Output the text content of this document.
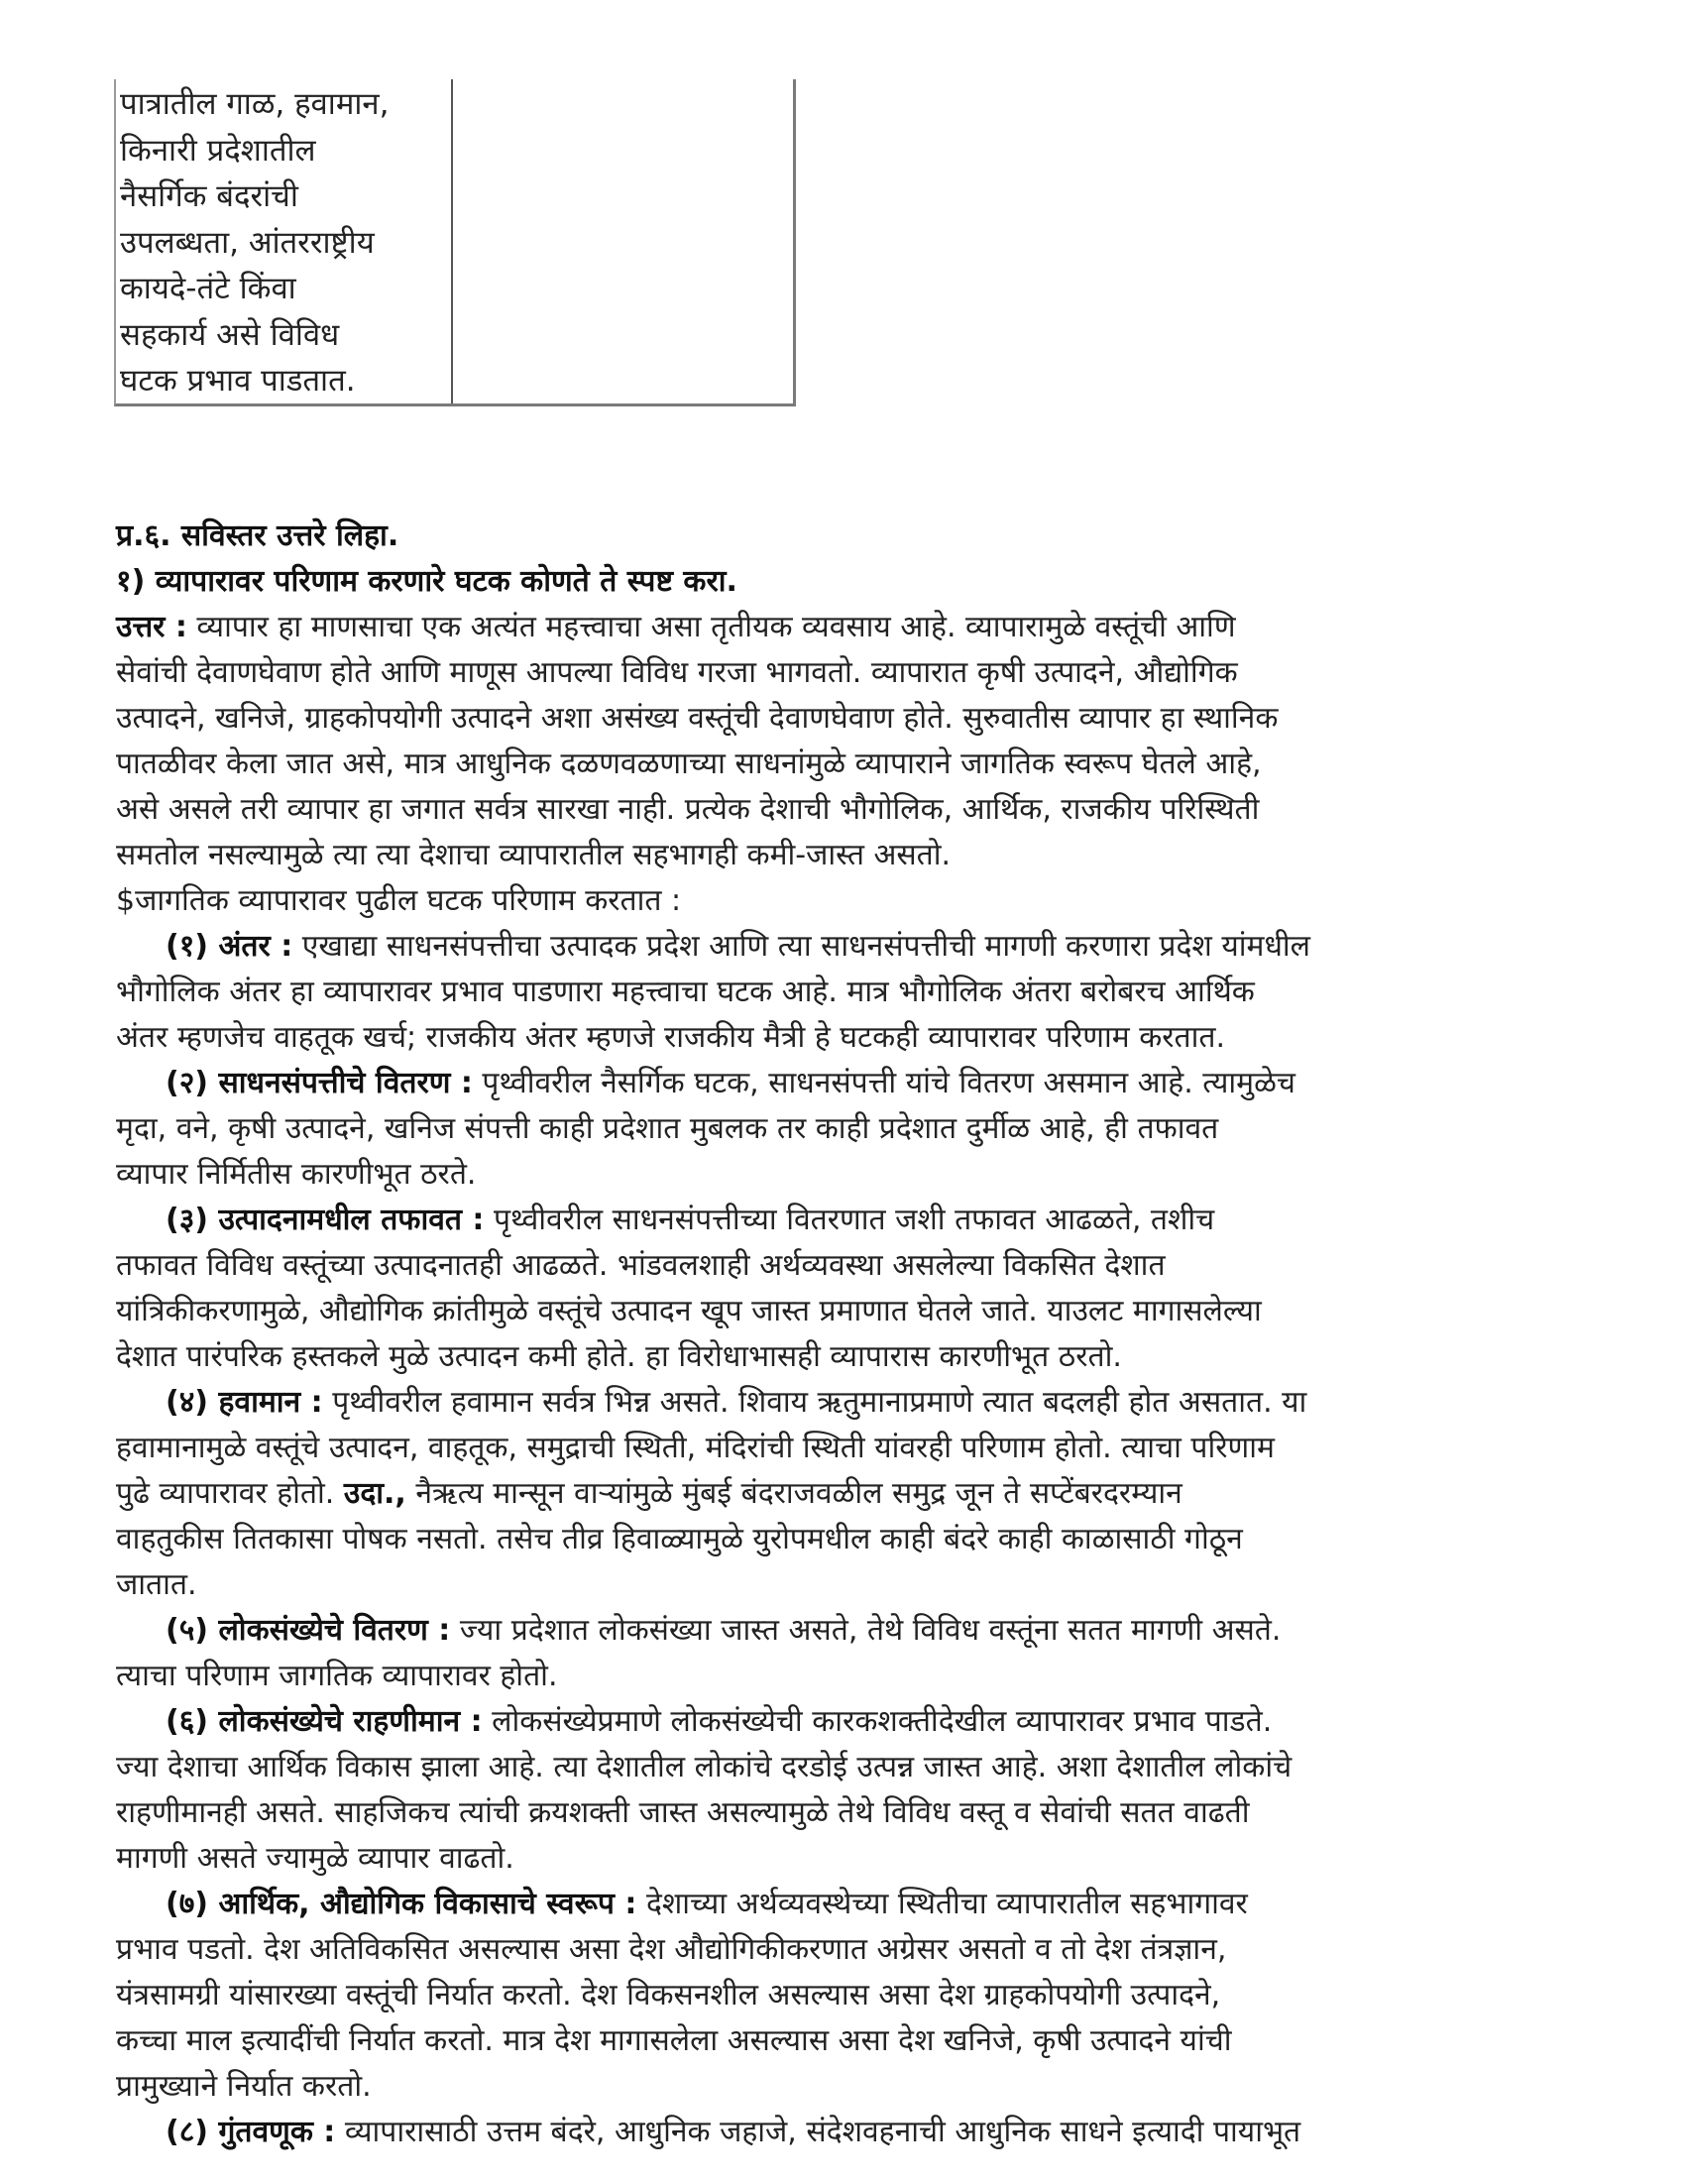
पात्रातील गाळ, हवामान,
किनारी प्रदेशातील
नैसर्गिक बंदरांची
उपलब्धता, आंतरराष्ट्रीय
कायदे-तंटे किंवा
सहकार्य असे विविध
घटक प्रभाव पाडतात.
प्र.६. सविस्तर उत्तरे लिहा.
१) व्यापारावर परिणाम करणारे घटक कोणते ते स्पष्ट करा.
उत्तर : व्यापार हा माणसाचा एक अत्यंत महत्त्वाचा असा तृतीयक व्यवसाय आहे. व्यापारामुळे वस्तूंची आणि
सेवांची देवाणघेवाण होते आणि माणूस आपल्या विविध गरजा भागवतो. व्यापारात कृषी उत्पादने, औद्योगिक
उत्पादने, खनिजे, ग्राहकोपयोगी उत्पादने अशा असंख्य वस्तूंची देवाणघेवाण होते. सुरुवातीस व्यापार हा स्थानिक
पातळीवर केला जात असे, मात्र आधुनिक दळणवळणाच्या साधनांमुळे व्यापाराने जागतिक स्वरूप घेतले आहे,
असे असले तरी व्यापार हा जगात सर्वत्र सारखा नाही. प्रत्येक देशाची भौगोलिक, आर्थिक, राजकीय परिस्थिती
समतोल नसल्यामुळे त्या त्या देशाचा व्यापारातील सहभागही कमी-जास्त असतो.
$जागतिक व्यापारावर पुढील घटक परिणाम करतात :
(१) अंतर : एखाद्या साधनसंपत्तीचा उत्पादक प्रदेश आणि त्या साधनसंपत्तीची मागणी करणारा प्रदेश यांमधील
भौगोलिक अंतर हा व्यापारावर प्रभाव पाडणारा महत्त्वाचा घटक आहे. मात्र भौगोलिक अंतरा बरोबरच आर्थिक
अंतर म्हणजेच वाहतूक खर्च; राजकीय अंतर म्हणजे राजकीय मैत्री हे घटकही व्यापारावर परिणाम करतात.
(२) साधनसंपत्तीचे वितरण : पृथ्वीवरील नैसर्गिक घटक, साधनसंपत्ती यांचे वितरण असमान आहे. त्यामुळेच
मृदा, वने, कृषी उत्पादने, खनिज संपत्ती काही प्रदेशात मुबलक तर काही प्रदेशात दुर्मीळ आहे, ही तफावत
व्यापार निर्मितीस कारणीभूत ठरते.
(३) उत्पादनामधील तफावत : पृथ्वीवरील साधनसंपत्तीच्या वितरणात जशी तफावत आढळते, तशीच
तफावत विविध वस्तूंच्या उत्पादनातही आढळते. भांडवलशाही अर्थव्यवस्था असलेल्या विकसित देशात
यांत्रिकीकरणामुळे, औद्योगिक क्रांतीमुळे वस्तूंचे उत्पादन खूप जास्त प्रमाणात घेतले जाते. याउलट मागासलेल्या
देशात पारंपरिक हस्तकले मुळे उत्पादन कमी होते. हा विरोधाभासही व्यापारास कारणीभूत ठरतो.
(४) हवामान : पृथ्वीवरील हवामान सर्वत्र भिन्न असते. शिवाय ऋतुमानाप्रमाणे त्यात बदलही होत असतात. या
हवामानामुळे वस्तूंचे उत्पादन, वाहतूक, समुद्राची स्थिती, मंदिरांची स्थिती यांवरही परिणाम होतो. त्याचा परिणाम
पुढे व्यापारावर होतो. उदा., नैऋत्य मान्सून वाऱ्यांमुळे मुंबई बंदराजवळील समुद्र जून ते सप्टेंबरदरम्यान
वाहतुकीस तितकासा पोषक नसतो. तसेच तीव्र हिवाळ्यामुळे युरोपमधील काही बंदरे काही काळासाठी गोठून
जातात.
(५) लोकसंख्येचे वितरण : ज्या प्रदेशात लोकसंख्या जास्त असते, तेथे विविध वस्तूंना सतत मागणी असते.
त्याचा परिणाम जागतिक व्यापारावर होतो.
(६) लोकसंख्येचे राहणीमान : लोकसंख्येप्रमाणे लोकसंख्येची कारकशक्तीदेखील व्यापारावर प्रभाव पाडते.
ज्या देशाचा आर्थिक विकास झाला आहे. त्या देशातील लोकांचे दरडोई उत्पन्न जास्त आहे. अशा देशातील लोकांचे
राहणीमानही असते. साहजिकच त्यांची क्रयशक्ती जास्त असल्यामुळे तेथे विविध वस्तू व सेवांची सतत वाढती
मागणी असते ज्यामुळे व्यापार वाढतो.
(७) आर्थिक, औद्योगिक विकासाचे स्वरूप : देशाच्या अर्थव्यवस्थेच्या स्थितीचा व्यापारातील सहभागावर
प्रभाव पडतो. देश अतिविकसित असल्यास असा देश औद्योगिकीकरणात अग्रेसर असतो व तो देश तंत्रज्ञान,
यंत्रसामग्री यांसारख्या वस्तूंची निर्यात करतो. देश विकसनशील असल्यास असा देश ग्राहकोपयोगी उत्पादने,
कच्चा माल इत्यादींची निर्यात करतो. मात्र देश मागासलेला असल्यास असा देश खनिजे, कृषी उत्पादने यांची
प्रामुख्याने निर्यात करतो.
(८) गुंतवणूक : व्यापारासाठी उत्तम बंदरे, आधुनिक जहाजे, संदेशवहनाची आधुनिक साधने इत्यादी पायाभूत
